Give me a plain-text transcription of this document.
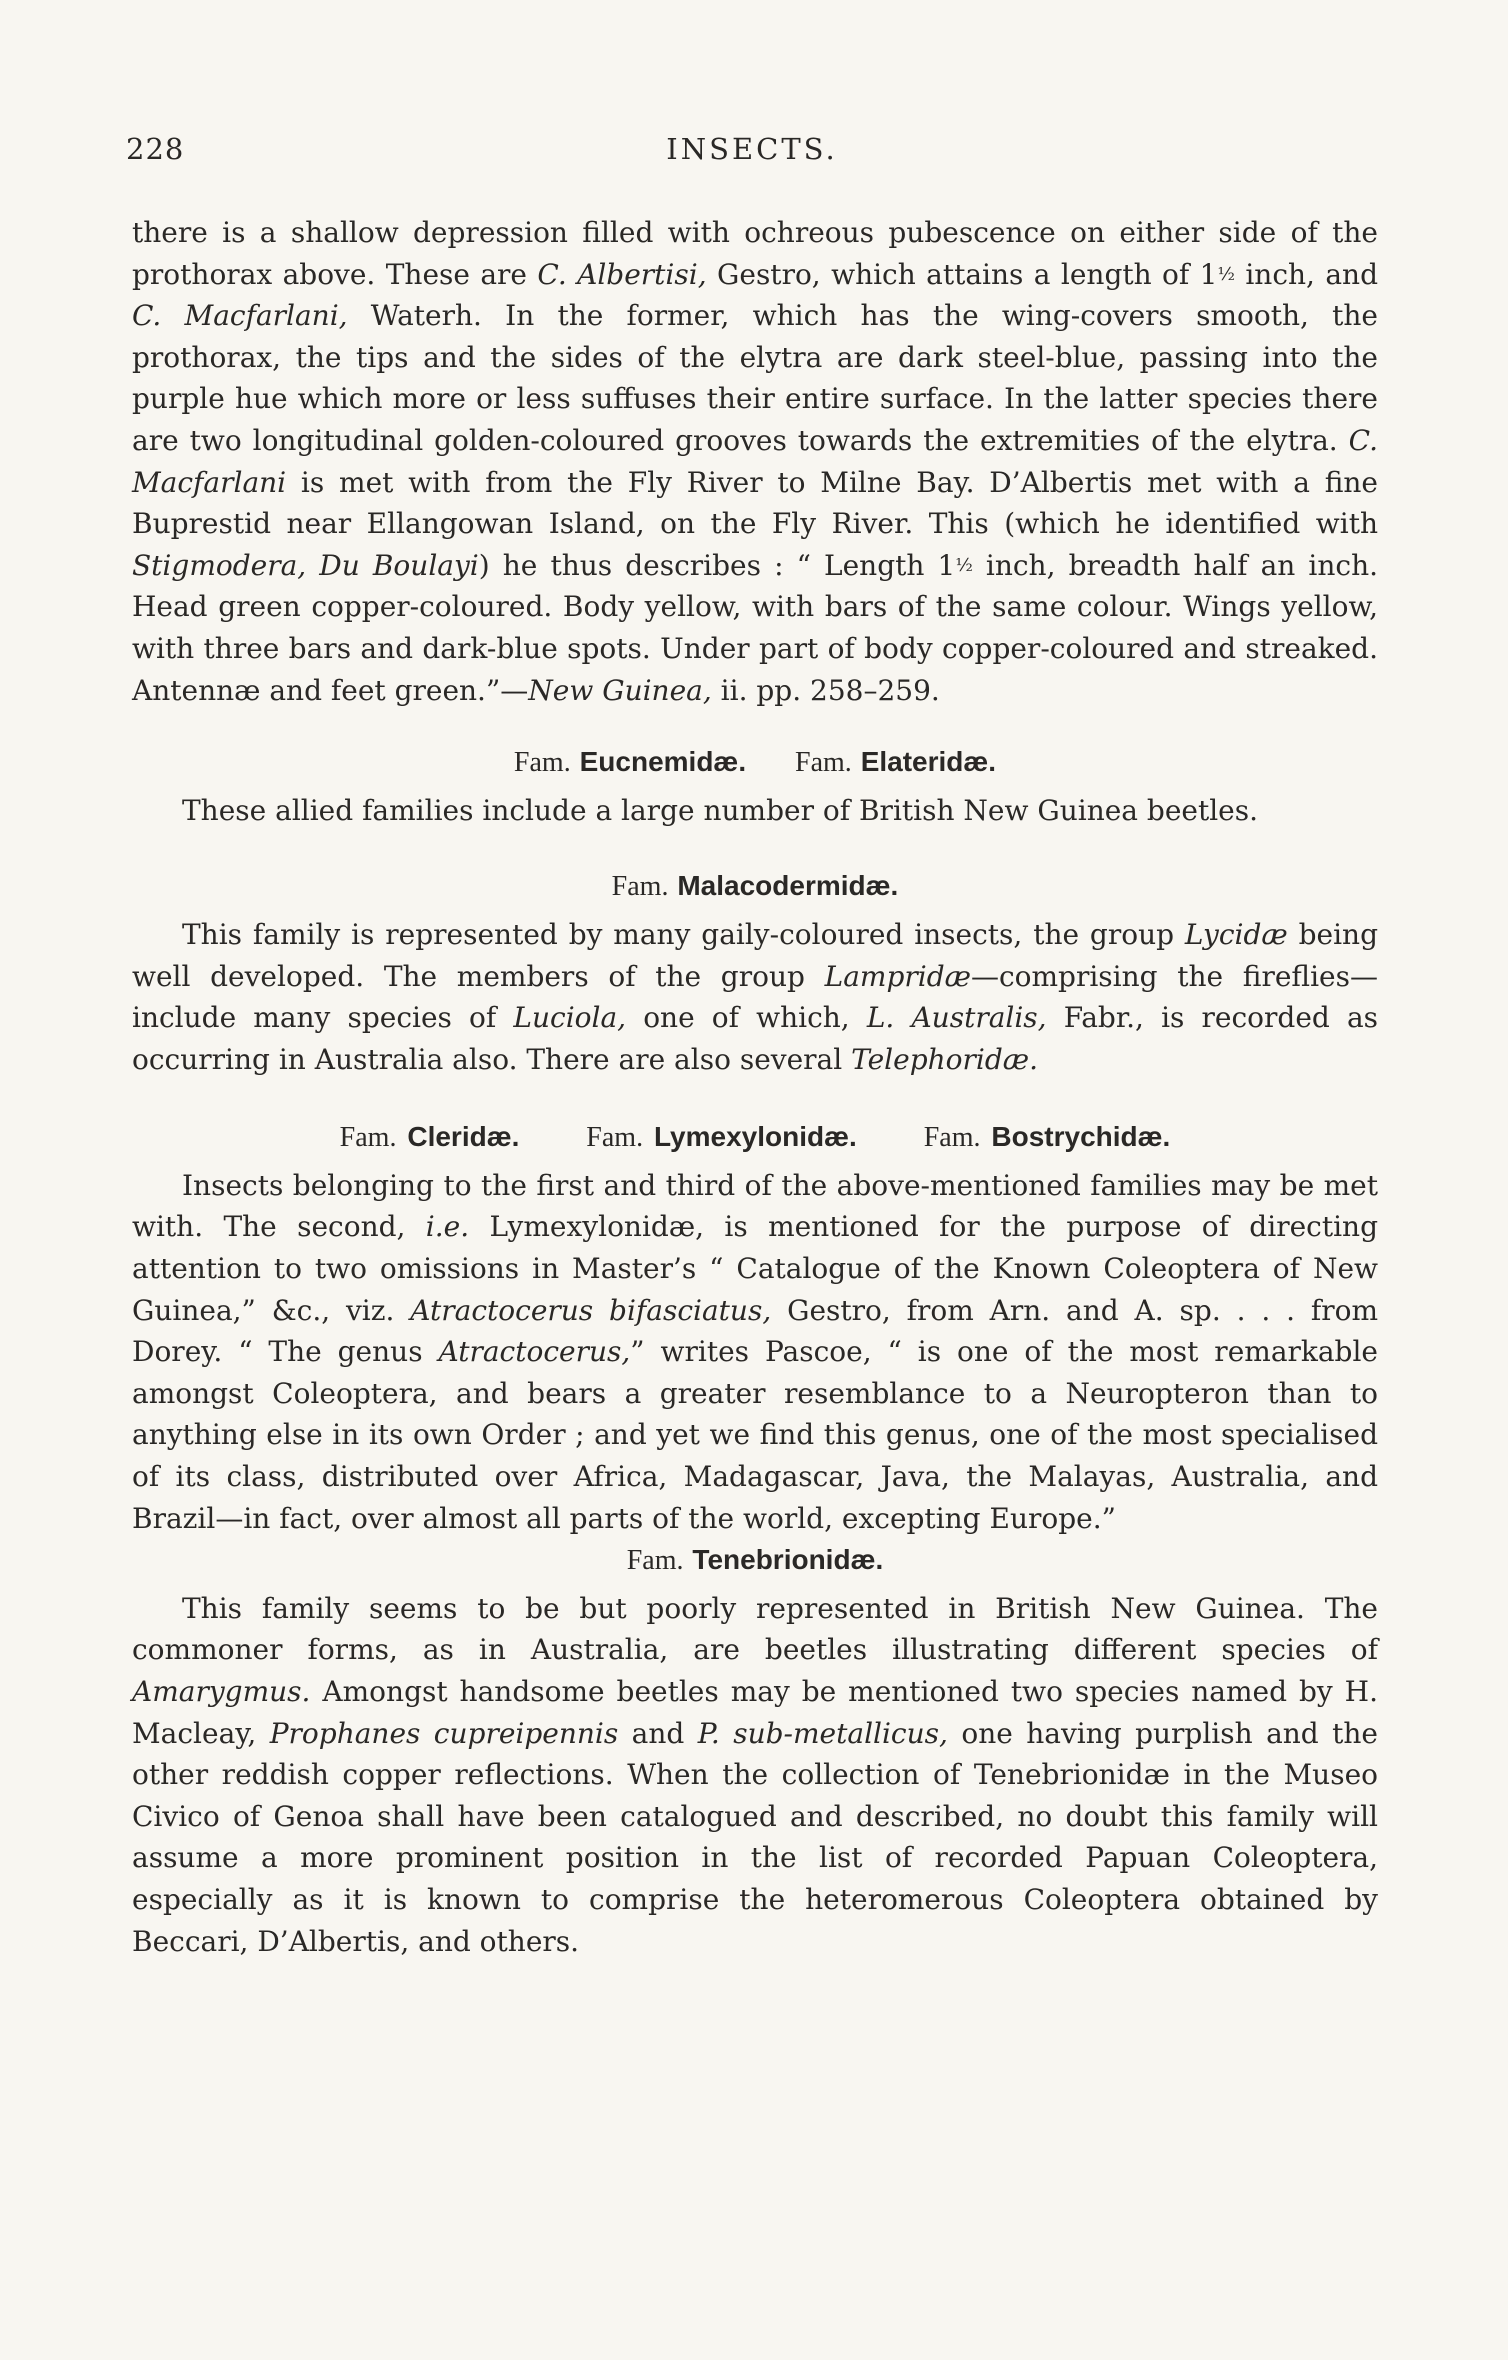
228	INSECTS.

there is a shallow depression filled with ochreous pubescence on either side of the prothorax above. These are C. Albertisi, Gestro, which attains a length of 1½ inch, and C. Macfarlani, Waterh. In the former, which has the wing-covers smooth, the prothorax, the tips and the sides of the elytra are dark steel-blue, passing into the purple hue which more or less suffuses their entire surface. In the latter species there are two longitudinal golden-coloured grooves towards the extremities of the elytra. C. Macfarlani is met with from the Fly River to Milne Bay. D’Albertis met with a fine Buprestid near Ellangowan Island, on the Fly River. This (which he identified with Stigmodera, Du Boulayi) he thus describes : “ Length 1½ inch, breadth half an inch. Head green copper-coloured. Body yellow, with bars of the same colour. Wings yellow, with three bars and dark-blue spots. Under part of body copper-coloured and streaked. Antennæ and feet green.”—New Guinea, ii. pp. 258–259.

Fam. Eucnemidæ. Fam. Elateridæ.

These allied families include a large number of British New Guinea beetles.

Fam. Malacodermidæ.

This family is represented by many gaily-coloured insects, the group Lycidæ being well developed. The members of the group Lampridæ—comprising the fireflies—include many species of Luciola, one of which, L. Australis, Fabr., is recorded as occurring in Australia also. There are also several Telephoridæ.

Fam. Cleridæ. Fam. Lymexylonidæ. Fam. Bostrychidæ.

Insects belonging to the first and third of the above-mentioned families may be met with. The second, i.e. Lymexylonidæ, is mentioned for the purpose of directing attention to two omissions in Master’s “ Catalogue of the Known Coleoptera of New Guinea,” &c., viz. Atractocerus bifasciatus, Gestro, from Arn. and A. sp. . . . from Dorey. “ The genus Atractocerus,” writes Pascoe, “ is one of the most remarkable amongst Coleoptera, and bears a greater resemblance to a Neuropteron than to anything else in its own Order ; and yet we find this genus, one of the most specialised of its class, distributed over Africa, Madagascar, Java, the Malayas, Australia, and Brazil—in fact, over almost all parts of the world, excepting Europe.”

Fam. Tenebrionidæ.

This family seems to be but poorly represented in British New Guinea. The commoner forms, as in Australia, are beetles illustrating different species of Amarygmus. Amongst handsome beetles may be mentioned two species named by H. Macleay, Prophanes cupreipennis and P. sub-metallicus, one having purplish and the other reddish copper reflections. When the collection of Tenebrionidæ in the Museo Civico of Genoa shall have been catalogued and described, no doubt this family will assume a more prominent position in the list of recorded Papuan Coleoptera, especially as it is known to comprise the heteromerous Coleoptera obtained by Beccari, D’Albertis, and others.
